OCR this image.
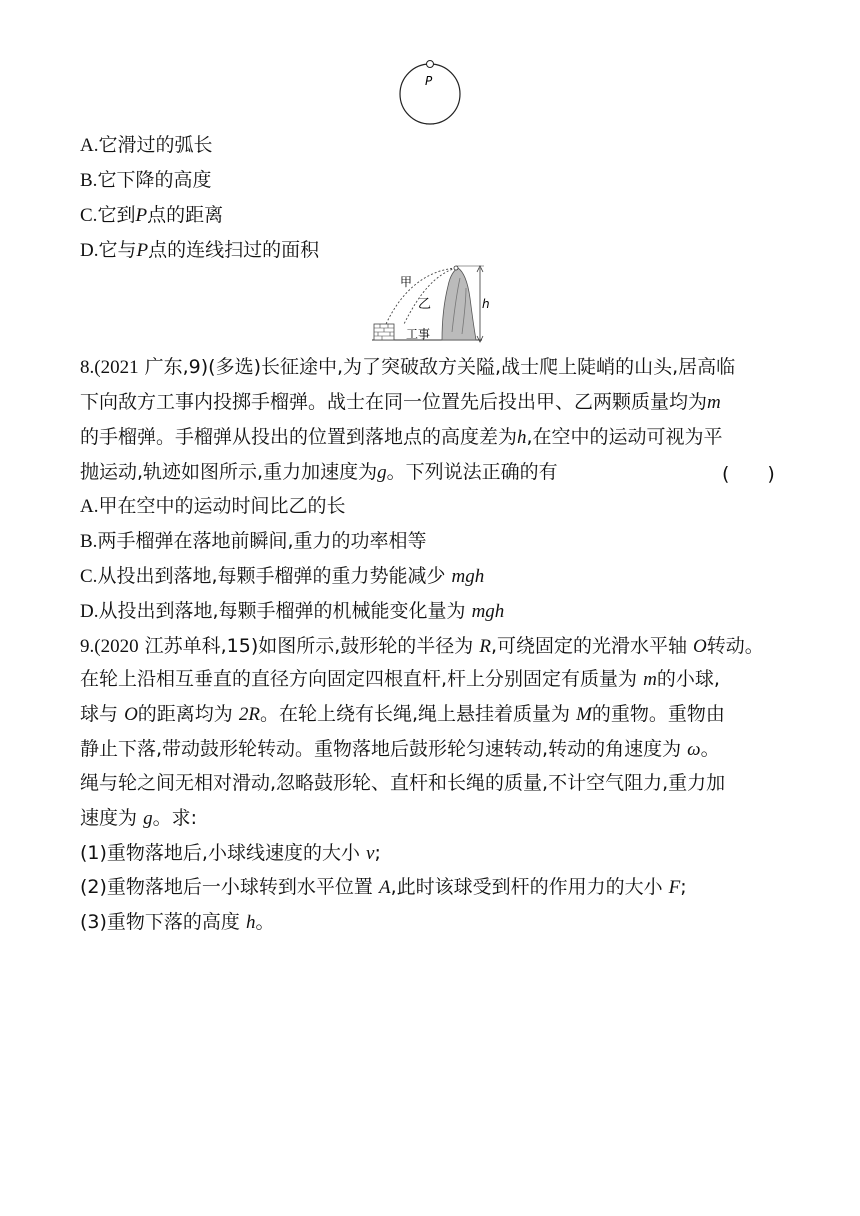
P
A.它滑过的弧长
B.它下降的高度
C.它到P点的距离
D.它与P点的连线扫过的面积
甲
乙
工事
h
8.(2021 广东,9)(多选)长征途中,为了突破敌方关隘,战士爬上陡峭的山头,居高临
下向敌方工事内投掷手榴弹。战士在同一位置先后投出甲、乙两颗质量均为m
的手榴弹。手榴弹从投出的位置到落地点的高度差为h,在空中的运动可视为平
抛运动,轨迹如图所示,重力加速度为g。下列说法正确的有	(　　)
A.甲在空中的运动时间比乙的长
B.两手榴弹在落地前瞬间,重力的功率相等
C.从投出到落地,每颗手榴弹的重力势能减少 mgh
D.从投出到落地,每颗手榴弹的机械能变化量为 mgh
9.(2020 江苏单科,15)如图所示,鼓形轮的半径为 R,可绕固定的光滑水平轴 O转动。
在轮上沿相互垂直的直径方向固定四根直杆,杆上分别固定有质量为 m的小球,
球与 O的距离均为 2R。在轮上绕有长绳,绳上悬挂着质量为 M的重物。重物由
静止下落,带动鼓形轮转动。重物落地后鼓形轮匀速转动,转动的角速度为 ω。
绳与轮之间无相对滑动,忽略鼓形轮、直杆和长绳的质量,不计空气阻力,重力加
速度为 g。求:
(1)重物落地后,小球线速度的大小 v;
(2)重物落地后一小球转到水平位置 A,此时该球受到杆的作用力的大小 F;
(3)重物下落的高度 h。
